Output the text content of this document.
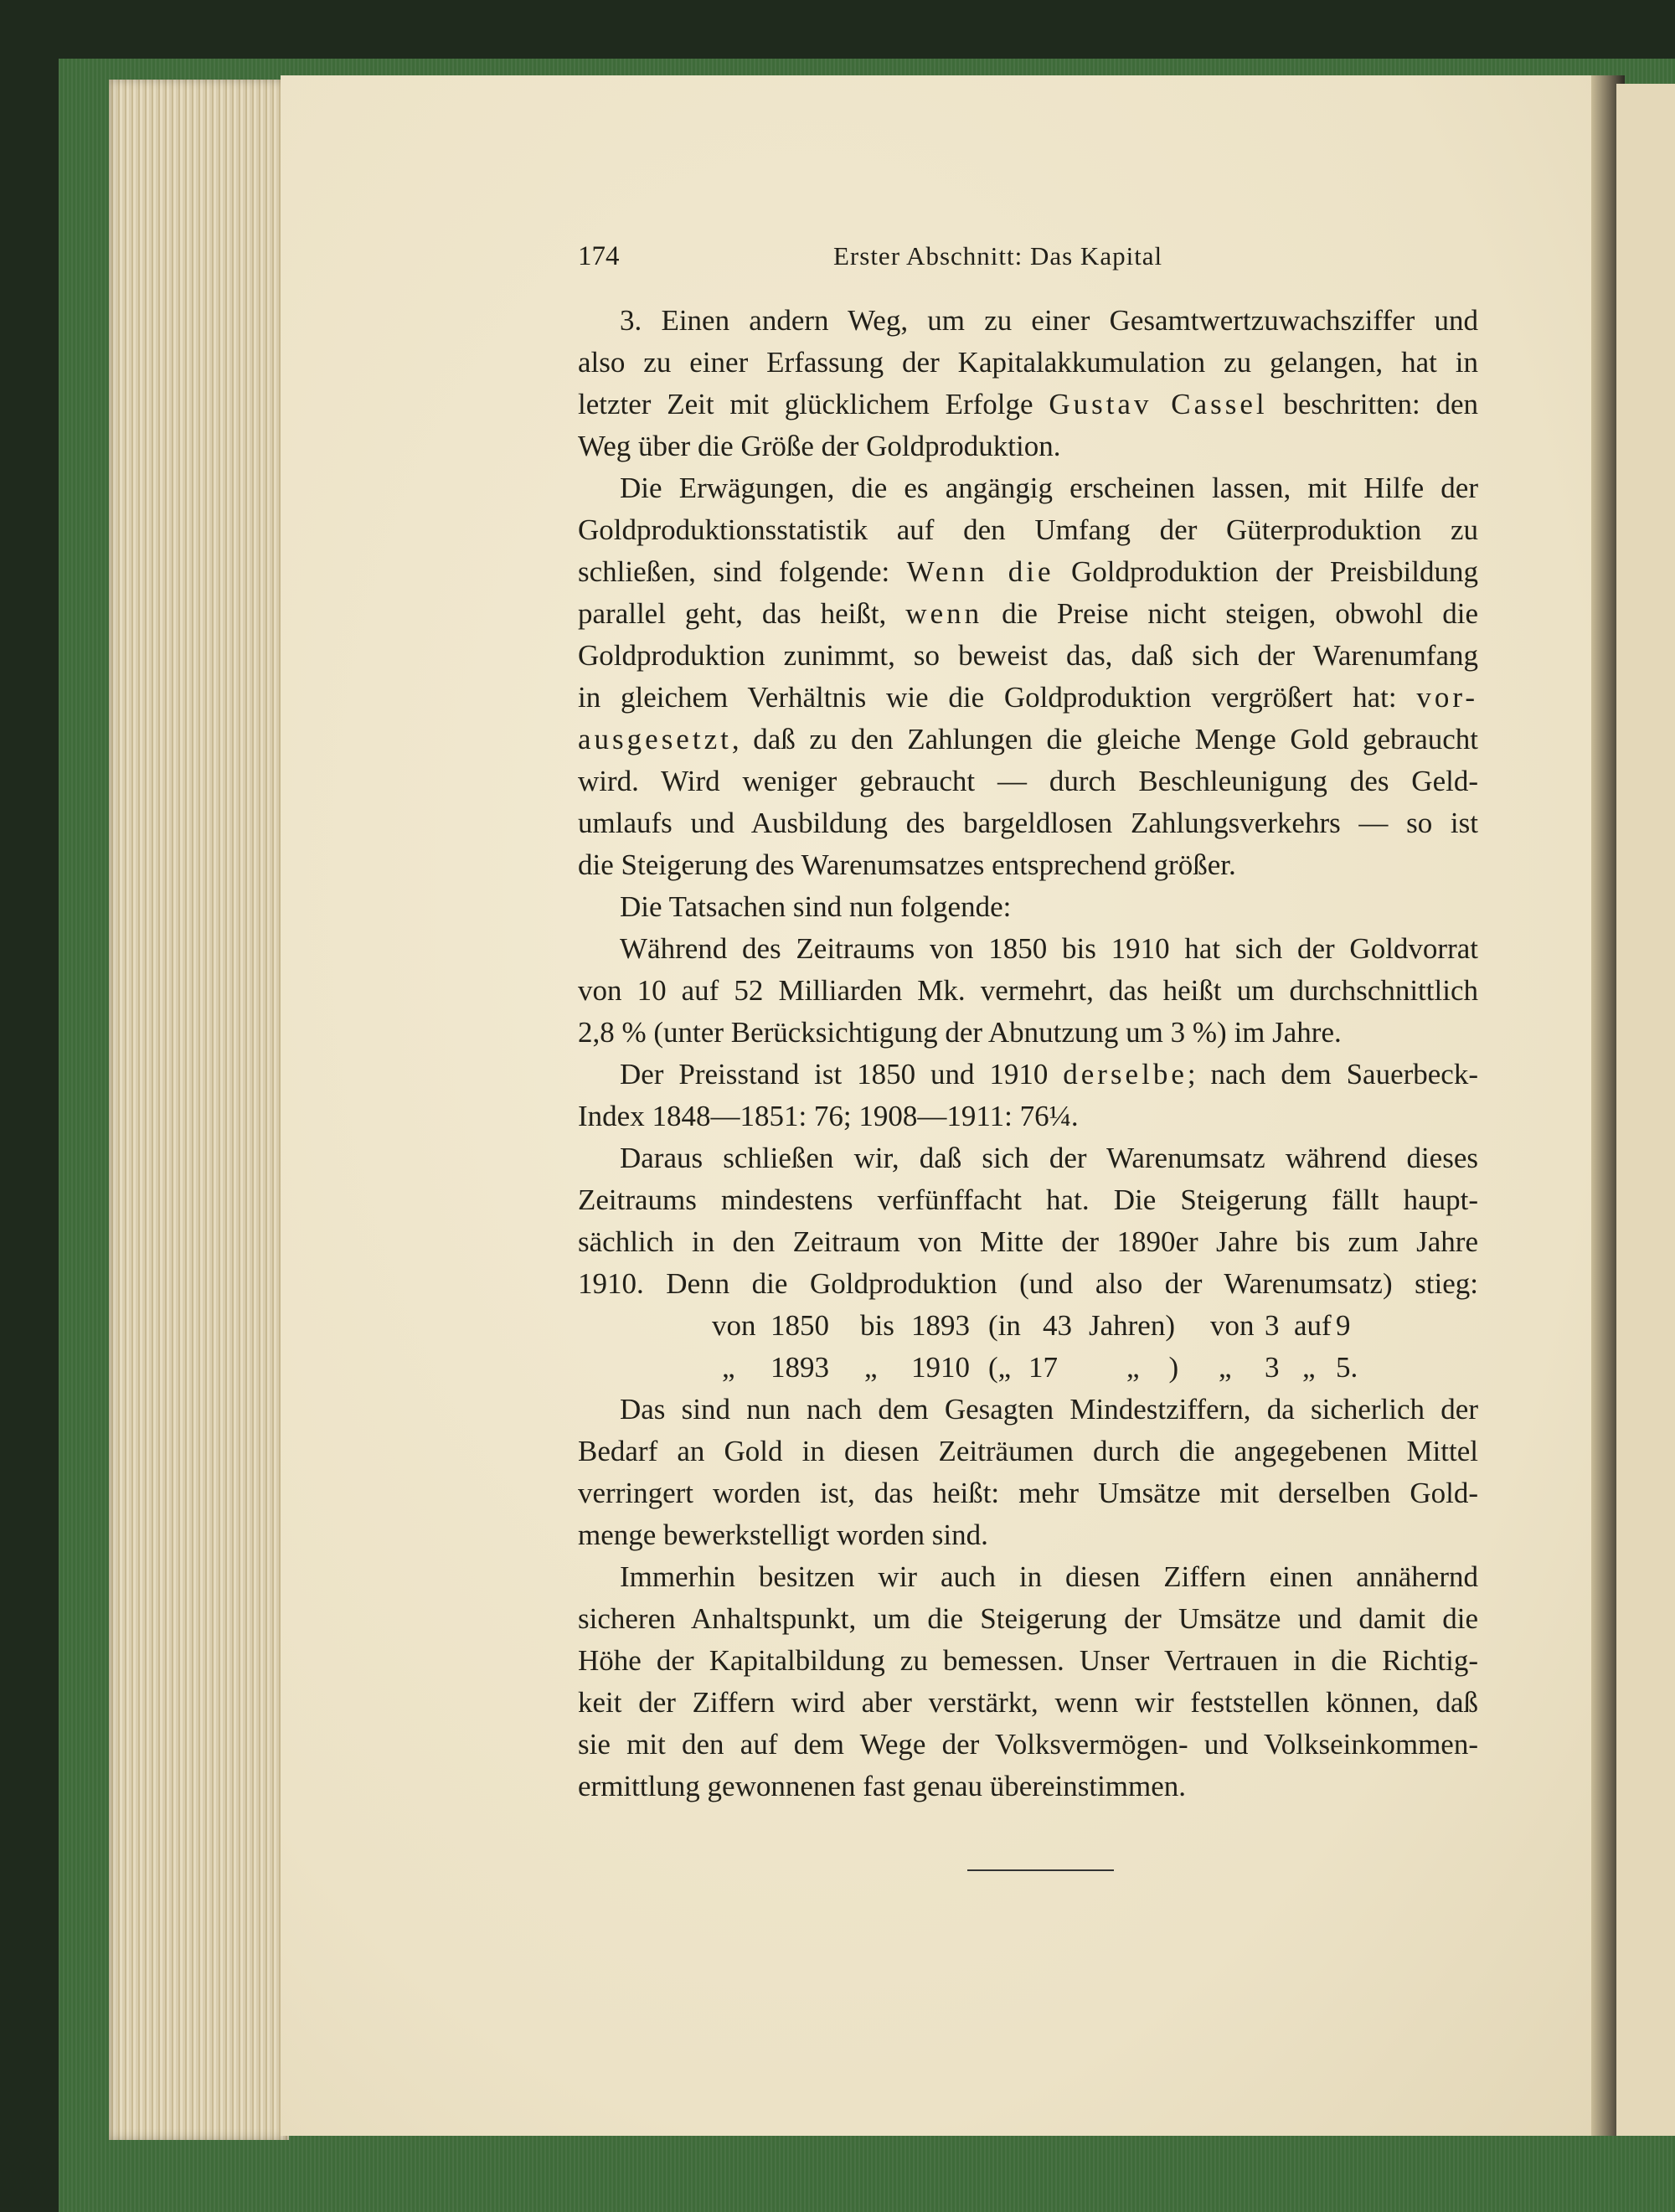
174	Erster Abschnitt: Das Kapital
3. Einen andern Weg, um zu einer Gesamtwertzuwachsziffer und
also zu einer Erfassung der Kapitalakkumulation zu gelangen, hat in
letzter Zeit mit glücklichem Erfolge Gustav Cassel beschritten: den
Weg über die Größe der Goldproduktion.
Die Erwägungen, die es angängig erscheinen lassen, mit Hilfe der
Goldproduktionsstatistik auf den Umfang der Güterproduktion zu
schließen, sind folgende: Wenn die Goldproduktion der Preisbildung
parallel geht, das heißt, wenn die Preise nicht steigen, obwohl die
Goldproduktion zunimmt, so beweist das, daß sich der Warenumfang
in gleichem Verhältnis wie die Goldproduktion vergrößert hat: vor-
ausgesetzt, daß zu den Zahlungen die gleiche Menge Gold gebraucht
wird. Wird weniger gebraucht — durch Beschleunigung des Geld-
umlaufs und Ausbildung des bargeldlosen Zahlungsverkehrs — so ist
die Steigerung des Warenumsatzes entsprechend größer.
Die Tatsachen sind nun folgende:
Während des Zeitraums von 1850 bis 1910 hat sich der Goldvorrat
von 10 auf 52 Milliarden Mk. vermehrt, das heißt um durchschnittlich
2,8 % (unter Berücksichtigung der Abnutzung um 3 %) im Jahre.
Der Preisstand ist 1850 und 1910 derselbe; nach dem Sauerbeck-
Index 1848—1851: 76; 1908—1911: 76¼.
Daraus schließen wir, daß sich der Warenumsatz während dieses
Zeitraums mindestens verfünffacht hat. Die Steigerung fällt haupt-
sächlich in den Zeitraum von Mitte der 1890er Jahre bis zum Jahre
1910. Denn die Goldproduktion (und also der Warenumsatz) stieg:
von 1850 bis 1893 (in 43 Jahren) von 3 auf 9
„ 1893 „ 1910 („ 17 „    ) „ 3 „ 5.
Das sind nun nach dem Gesagten Mindestziffern, da sicherlich der
Bedarf an Gold in diesen Zeiträumen durch die angegebenen Mittel
verringert worden ist, das heißt: mehr Umsätze mit derselben Gold-
menge bewerkstelligt worden sind.
Immerhin besitzen wir auch in diesen Ziffern einen annähernd
sicheren Anhaltspunkt, um die Steigerung der Umsätze und damit die
Höhe der Kapitalbildung zu bemessen. Unser Vertrauen in die Richtig-
keit der Ziffern wird aber verstärkt, wenn wir feststellen können, daß
sie mit den auf dem Wege der Volksvermögen- und Volkseinkommen-
ermittlung gewonnenen fast genau übereinstimmen.
